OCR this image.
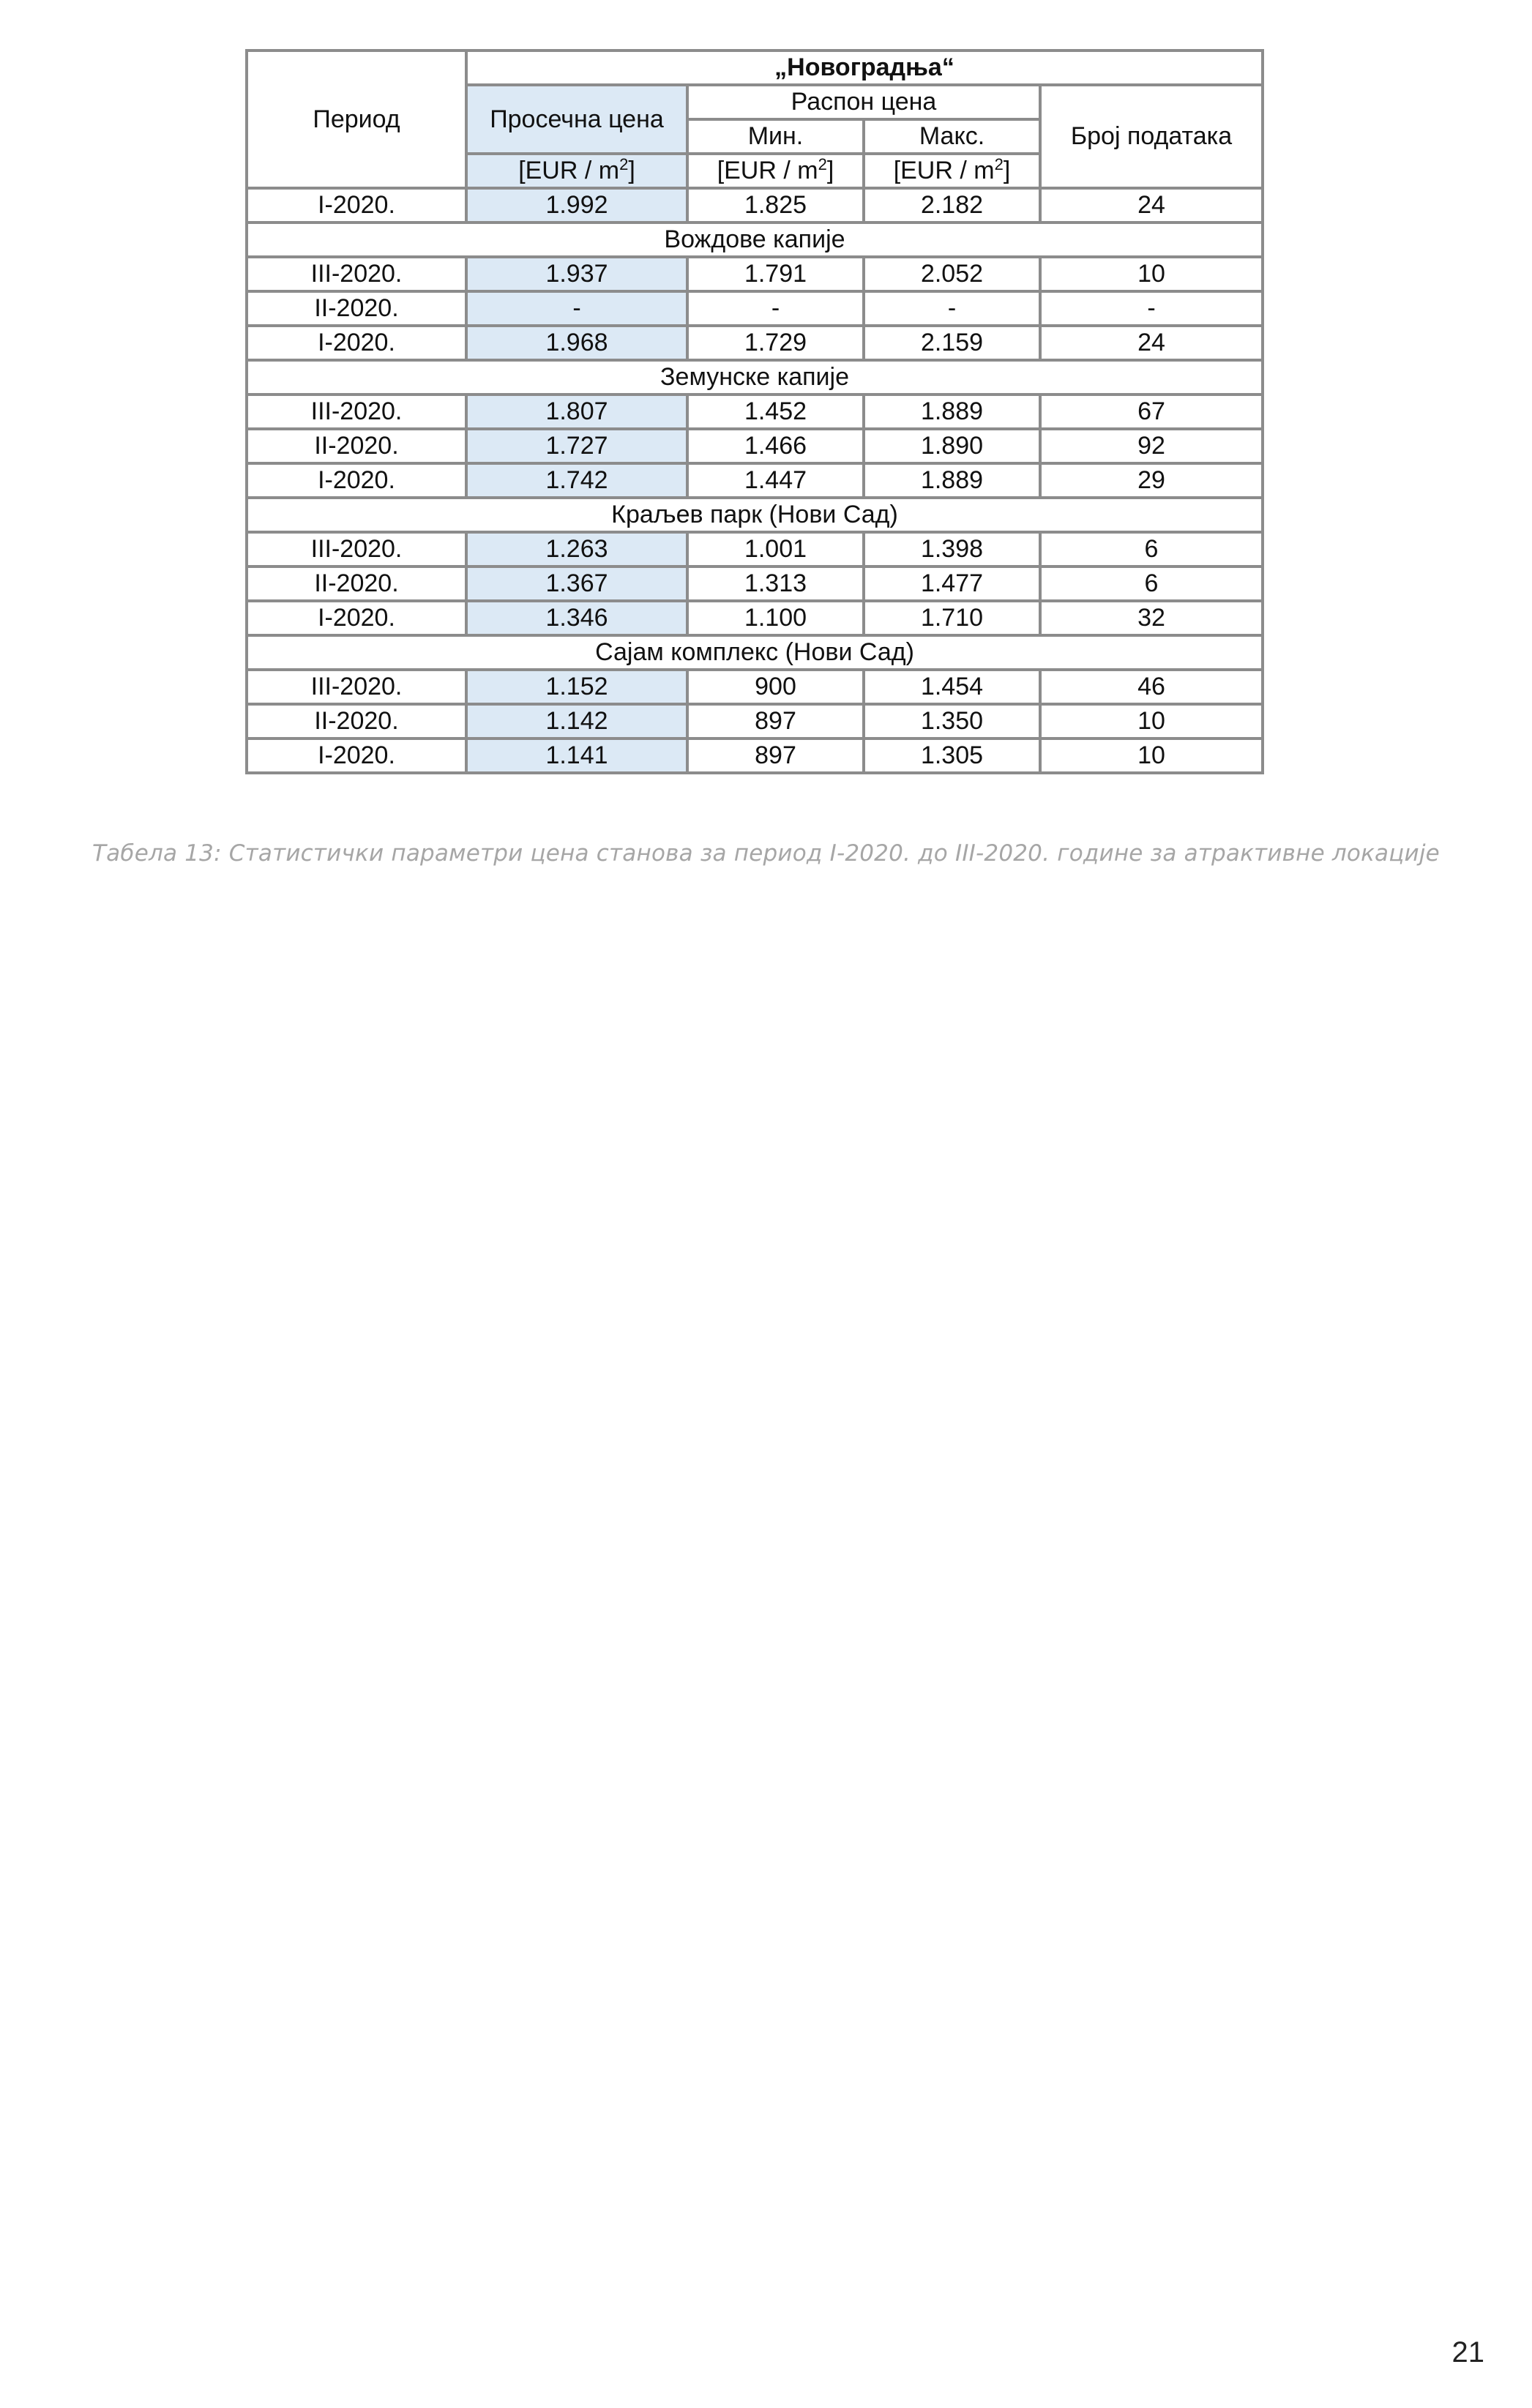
Период	„Новоградња“			
	Просечна цена	Распон цена		Број података
		Мин.	Макс.	
	$[EUR / m^2]$	$[EUR / m^2]$	$[EUR / m^2]$	
I-2020.	1.992	1.825	2.182	24
Вождове капије				
III-2020.	1.937	1.791	2.052	10
II-2020.	-	-	-	-
I-2020.	1.968	1.729	2.159	24
Земунске капије				
III-2020.	1.807	1.452	1.889	67
II-2020.	1.727	1.466	1.890	92
I-2020.	1.742	1.447	1.889	29
Краљев парк (Нови Сад)				
III-2020.	1.263	1.001	1.398	6
II-2020.	1.367	1.313	1.477	6
I-2020.	1.346	1.100	1.710	32
Сајам комплекс (Нови Сад)				
III-2020.	1.152	900	1.454	46
II-2020.	1.142	897	1.350	10
I-2020.	1.141	897	1.305	10
Табела 13: Статистички параметри цена станова за период I-2020. до III-2020. године за атрактивне локације
21
